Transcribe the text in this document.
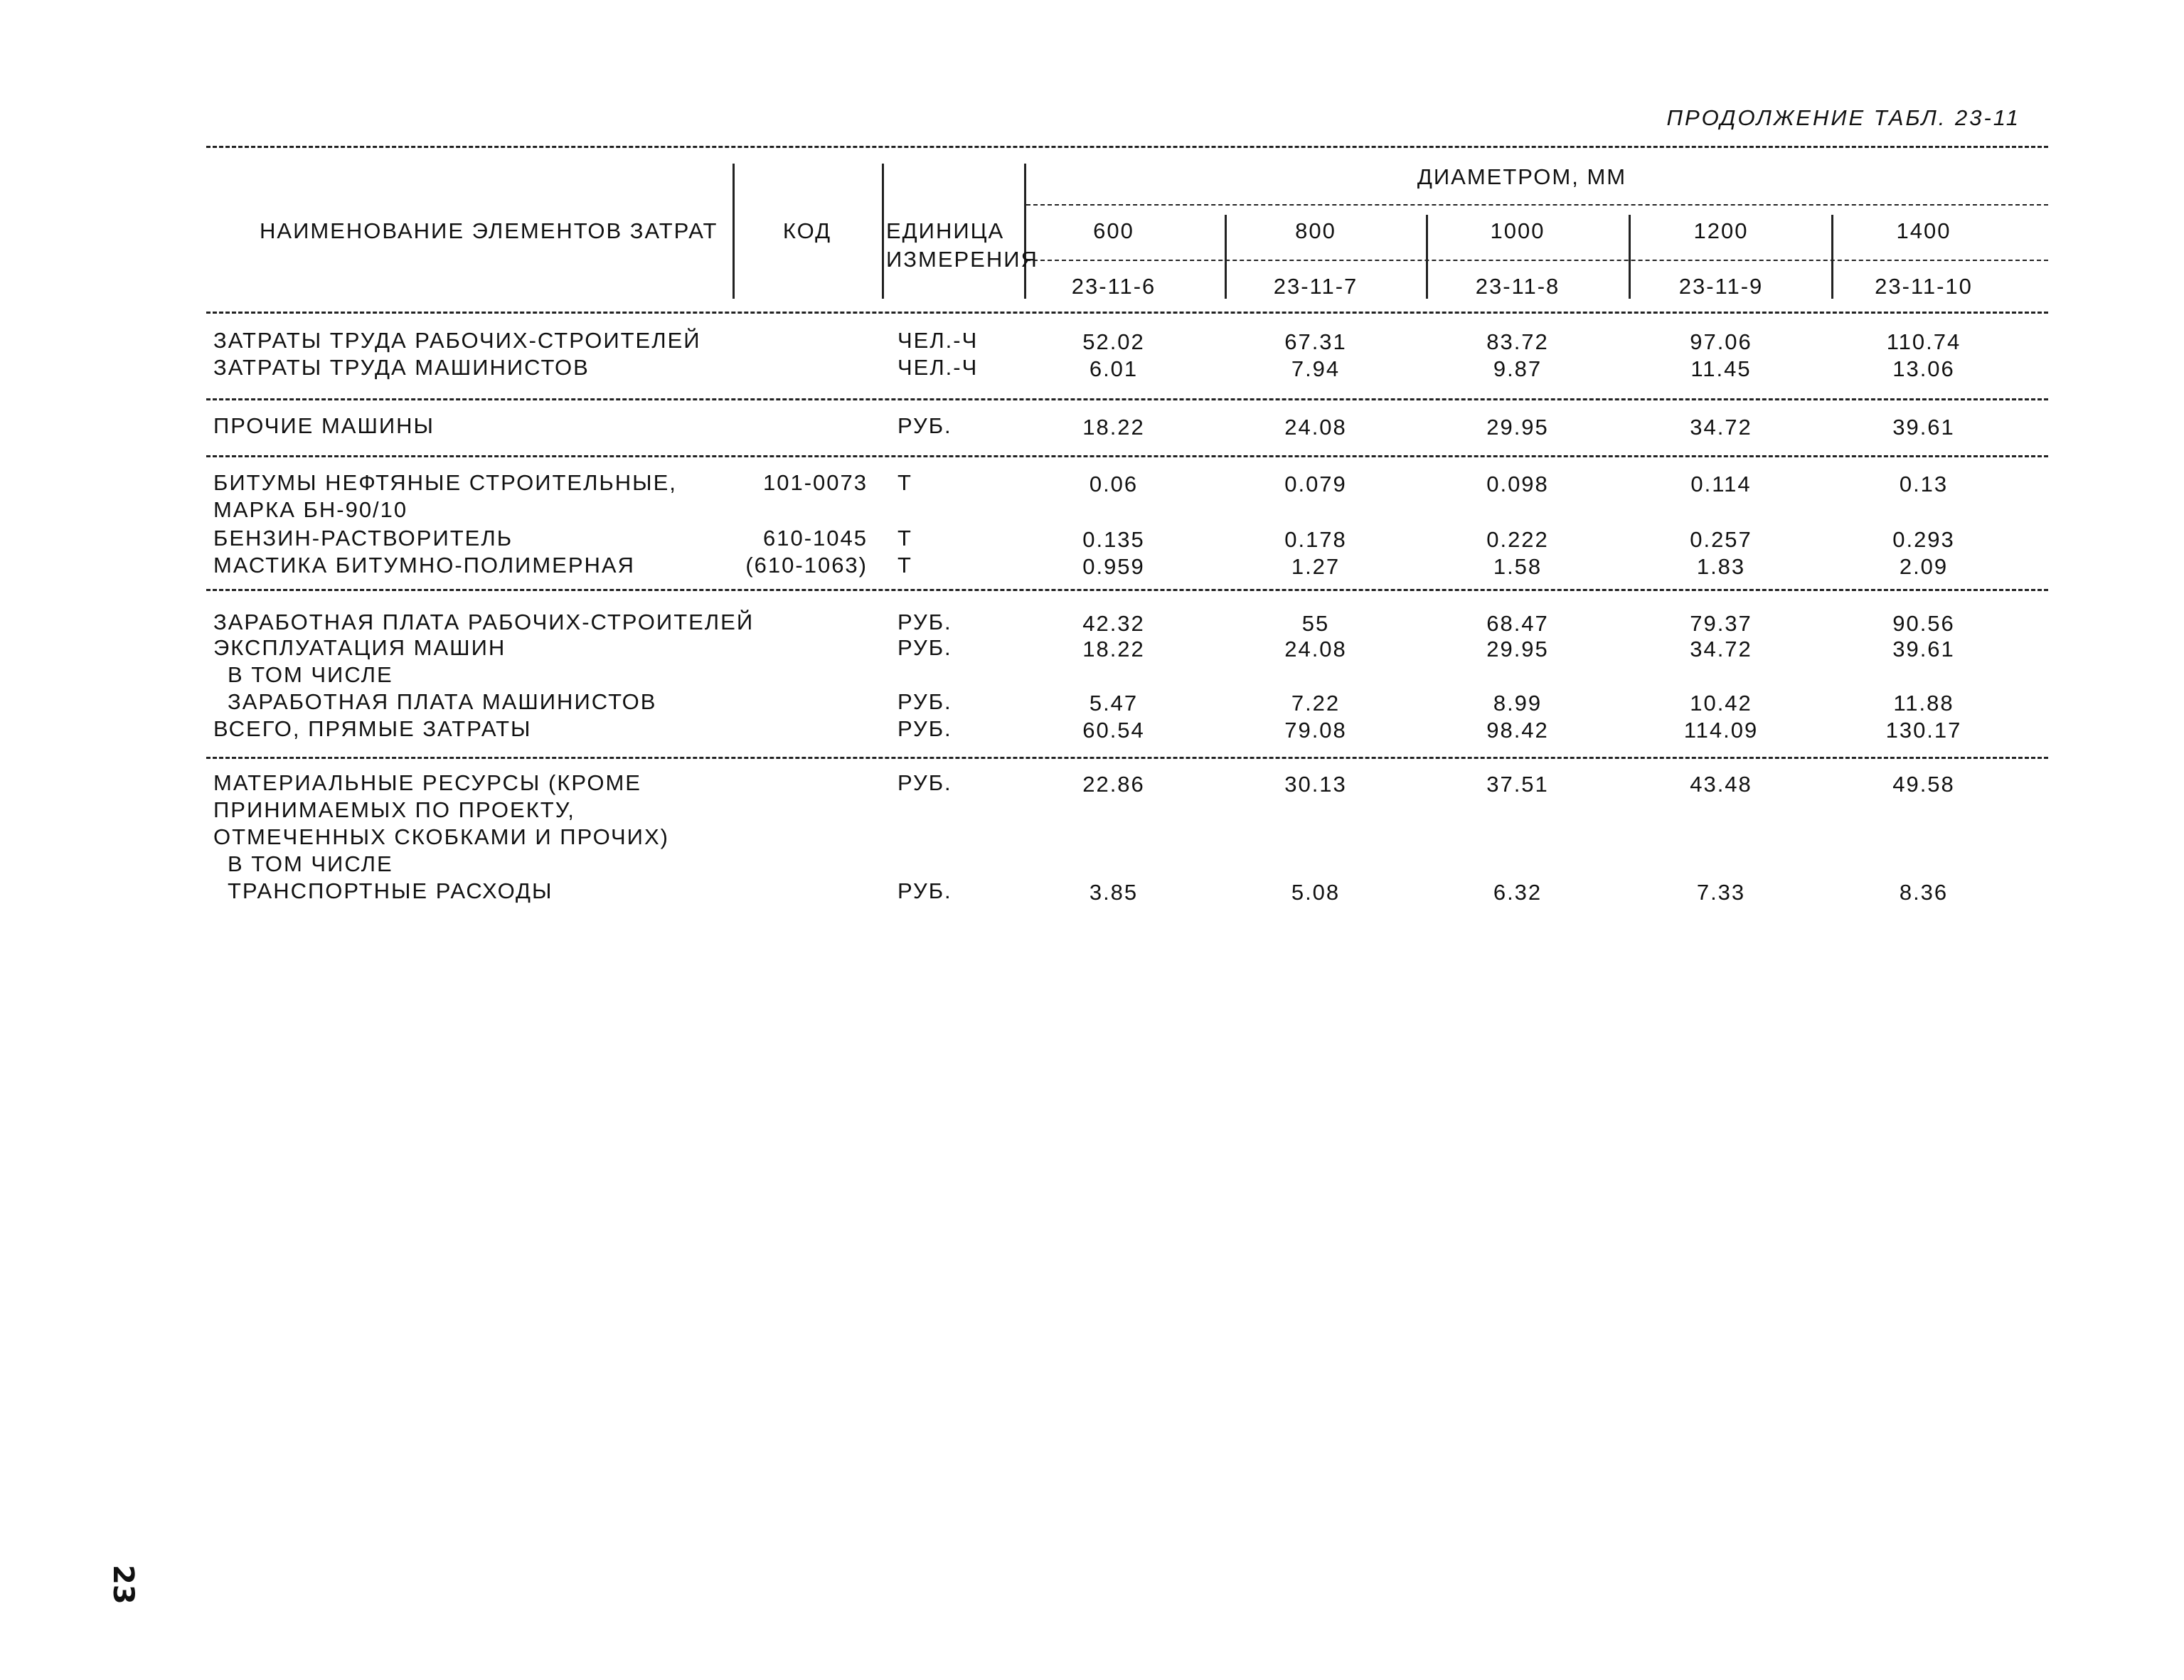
ПРОДОЛЖЕНИЕ ТАБЛ. 23-11
НАИМЕНОВАНИЕ ЭЛЕМЕНТОВ ЗАТРАТ	КОД ЕДИНИЦА
ИЗМЕРЕНИЯ
ДИАМЕТРОМ, ММ
600	800	1000	1200	1400
23-11-6	23-11-7	23-11-8	23-11-9	23-11-10
ЗАТРАТЫ ТРУДА РАБОЧИХ-СТРОИТЕЛЕЙ	ЧЕЛ.-Ч	52.02	67.31	83.72	97.06	110.74
ЗАТРАТЫ ТРУДА МАШИНИСТОВ	ЧЕЛ.-Ч	6.01	7.94	9.87	11.45	13.06
ПРОЧИЕ МАШИНЫ	РУБ.	18.22	24.08	29.95	34.72	39.61
БИТУМЫ НЕФТЯНЫЕ СТРОИТЕЛЬНЫЕ,	101-0073 Т	0.06	0.079	0.098	0.114	0.13
МАРКА БН-90/10
БЕНЗИН-РАСТВОРИТЕЛЬ	610-1045 Т	0.135	0.178	0.222	0.257	0.293
МАСТИКА БИТУМНО-ПОЛИМЕРНАЯ	(610-1063) Т	0.959	1.27	1.58	1.83	2.09
ЗАРАБОТНАЯ ПЛАТА РАБОЧИХ-СТРОИТЕЛЕЙ	РУБ.	42.32	55	68.47	79.37	90.56
ЭКСПЛУАТАЦИЯ МАШИН	РУБ.	18.22	24.08	29.95	34.72	39.61
В ТОМ ЧИСЛЕ
ЗАРАБОТНАЯ ПЛАТА МАШИНИСТОВ	РУБ.	5.47	7.22	8.99	10.42	11.88
ВСЕГО, ПРЯМЫЕ ЗАТРАТЫ	РУБ.	60.54	79.08	98.42	114.09	130.17
МАТЕРИАЛЬНЫЕ РЕСУРСЫ (КРОМЕ	РУБ.	22.86	30.13	37.51	43.48	49.58
ПРИНИМАЕМЫХ ПО ПРОЕКТУ,
ОТМЕЧЕННЫХ СКОБКАМИ И ПРОЧИХ)
В ТОМ ЧИСЛЕ
ТРАНСПОРТНЫЕ РАСХОДЫ	РУБ.	3.85	5.08	6.32	7.33	8.36
23
